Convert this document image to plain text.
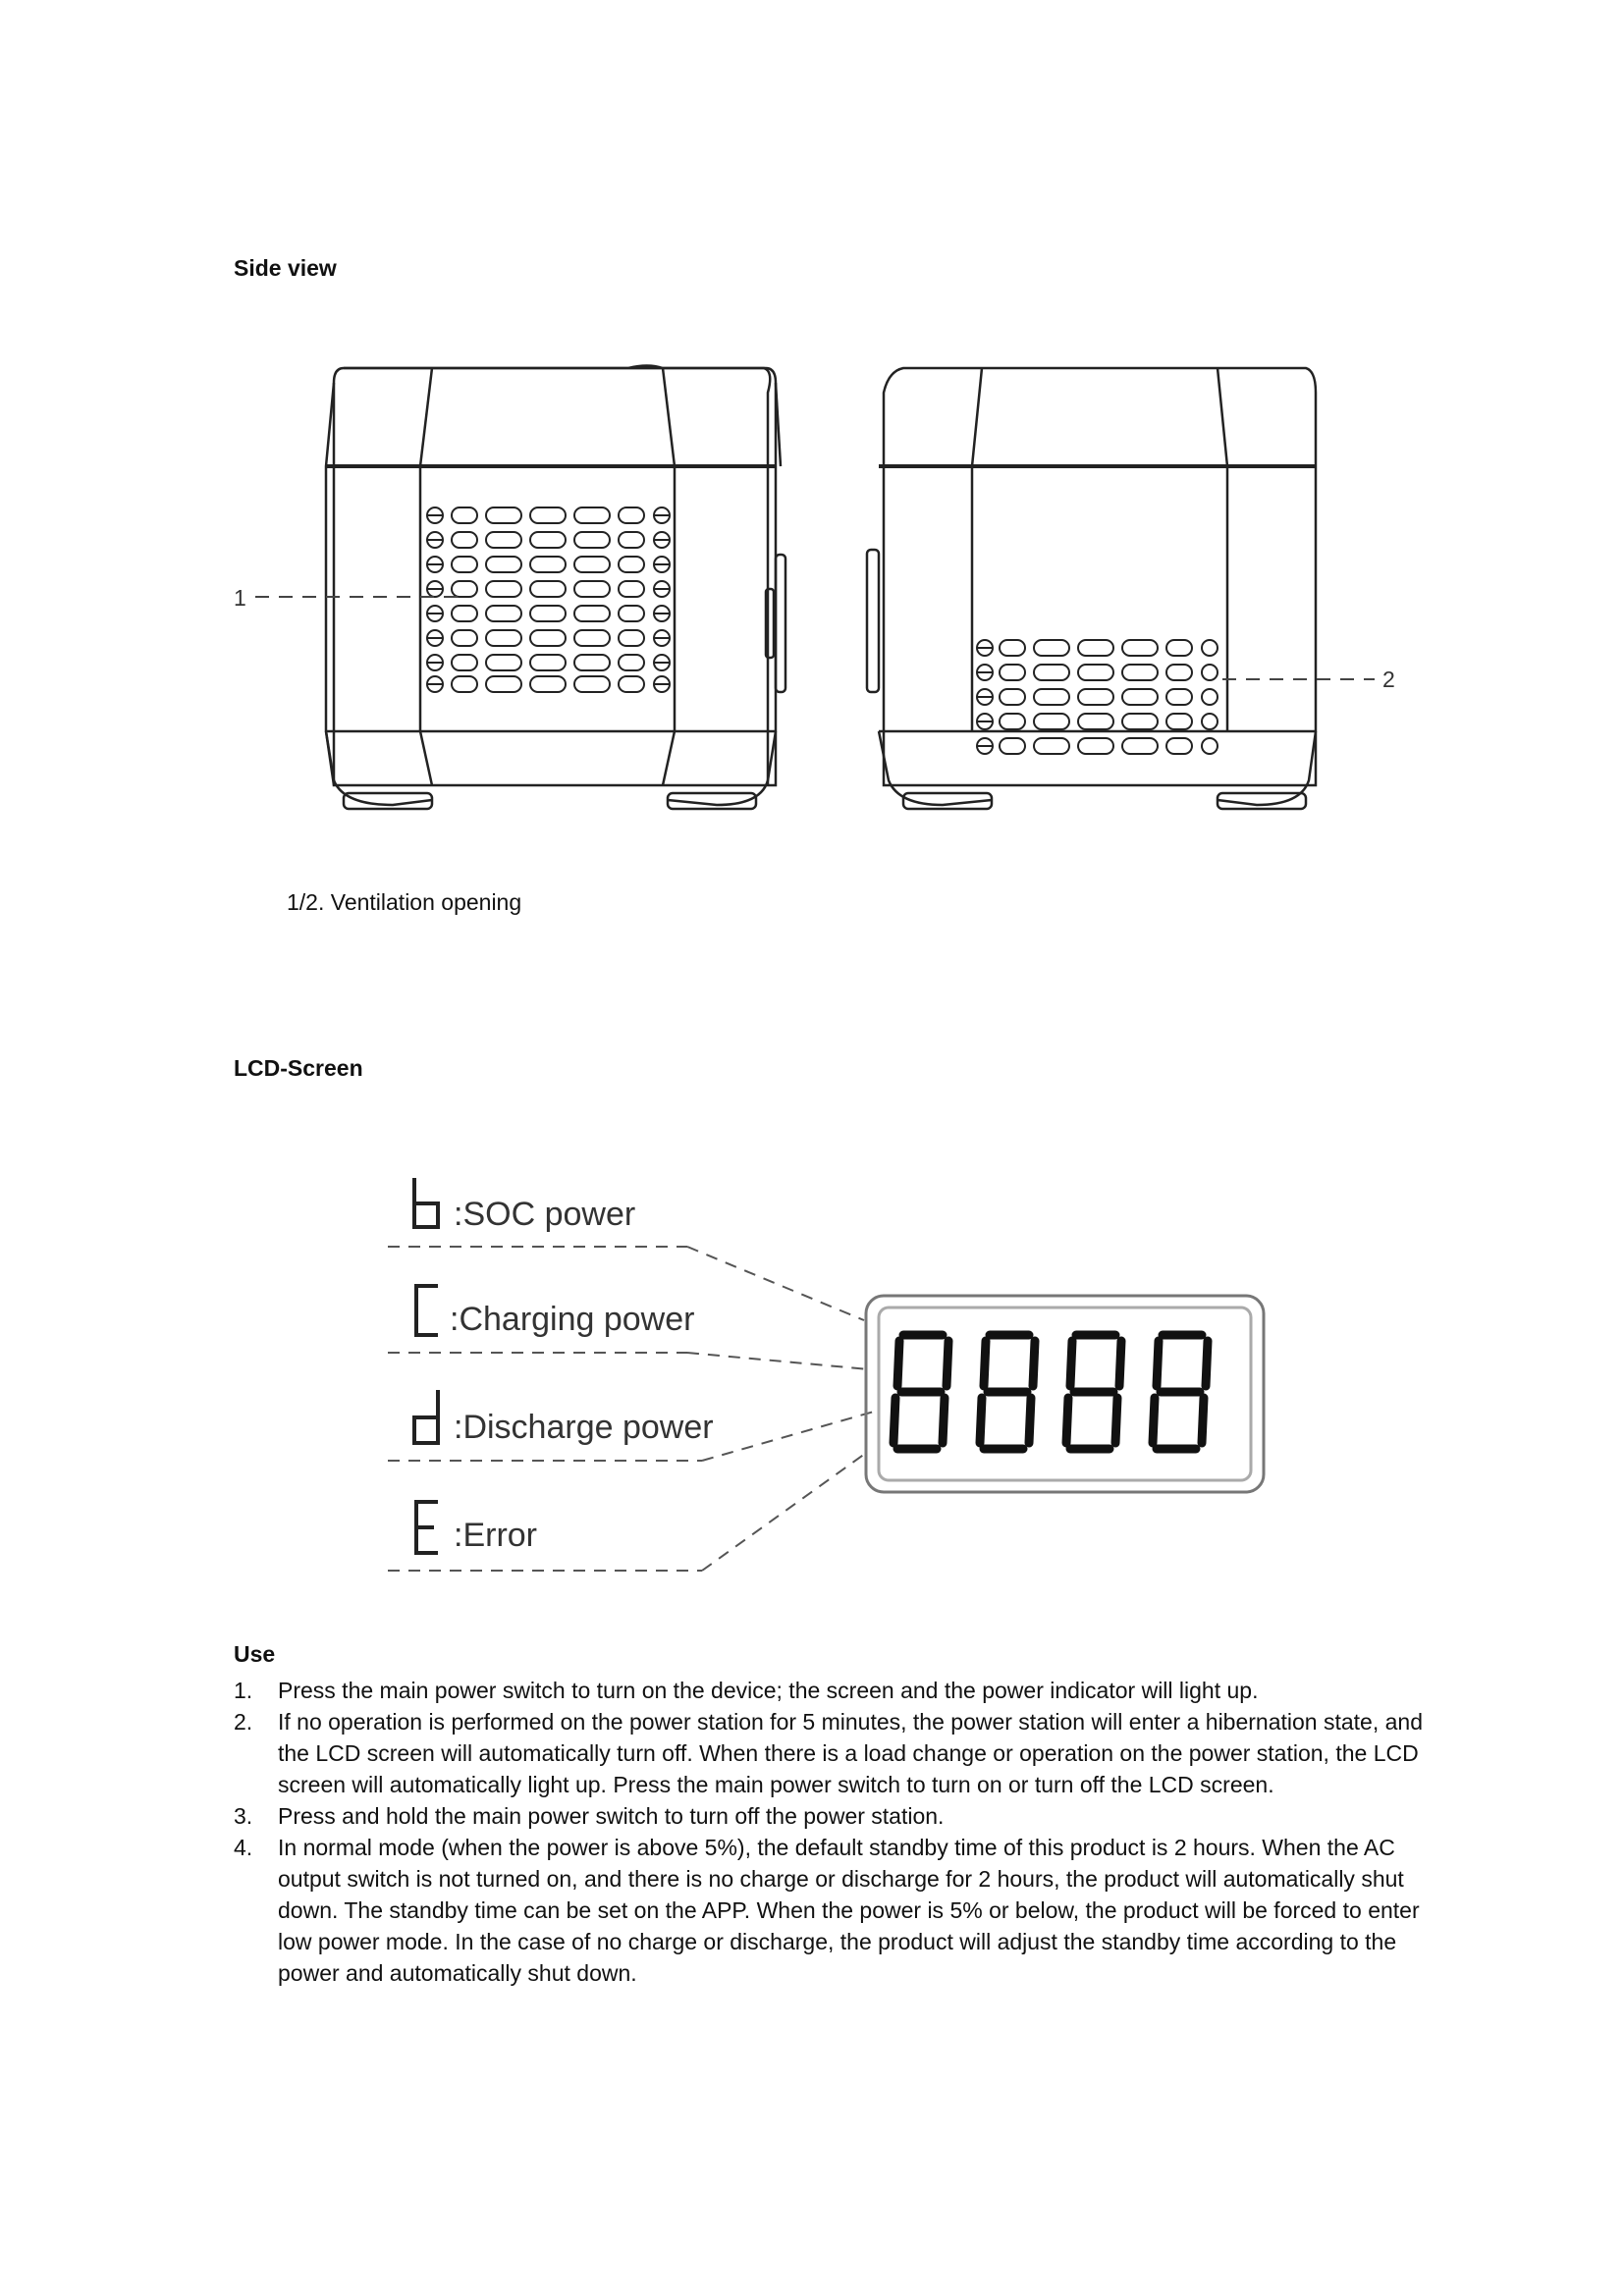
Side view
1
2
1/2. Ventilation opening
LCD-Screen
:SOC power
:Charging power
:Discharge power
:Error
Use
1. Press the main power switch to turn on the device; the screen and the power indicator will light up.
2. If no operation is performed on the power station for 5 minutes, the power station will enter a hibernation state, and the LCD screen will automatically turn off. When there is a load change or operation on the power station, the LCD screen will automatically light up. Press the main power switch to turn on or turn off the LCD screen.
3. Press and hold the main power switch to turn off the power station.
4. In normal mode (when the power is above 5%), the default standby time of this product is 2 hours. When the AC output switch is not turned on, and there is no charge or discharge for 2 hours, the product will automatically shut down. The standby time can be set on the APP. When the power is 5% or below, the product will be forced to enter low power mode. In the case of no charge or discharge, the product will adjust the standby time according to the power and automatically shut down.
